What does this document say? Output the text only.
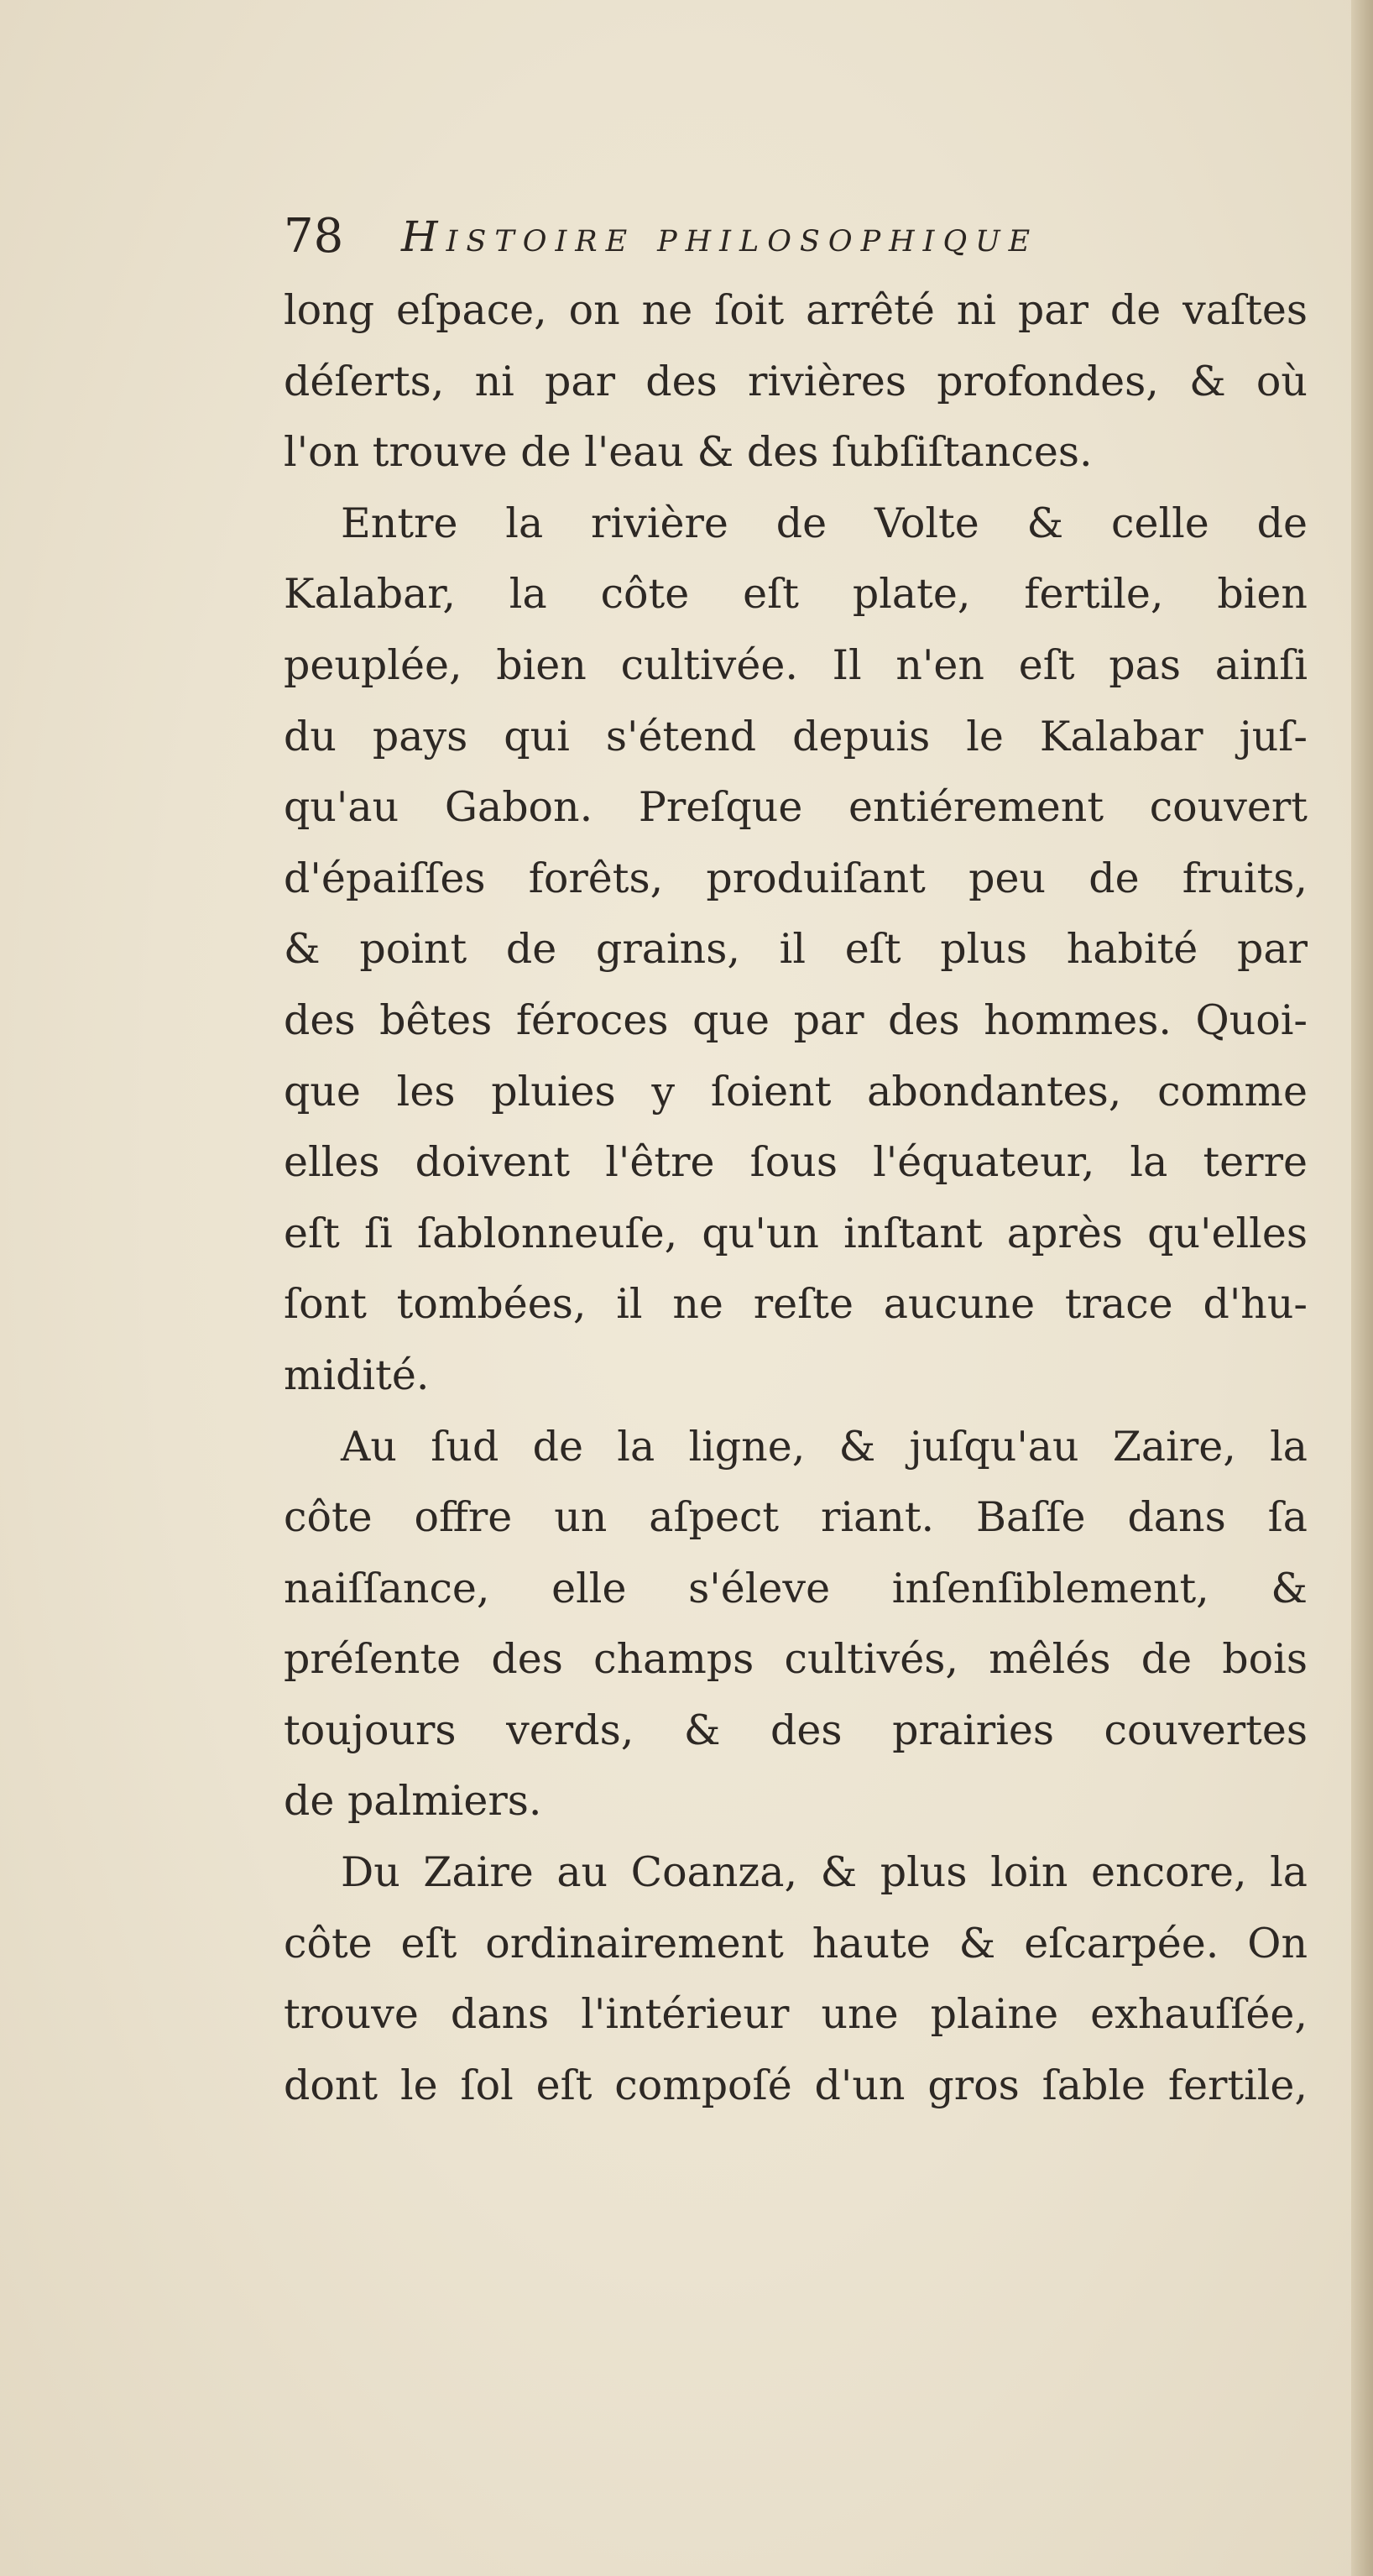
78 Histoire philosophique
long eſpace, on ne ſoit arrêté ni par de vaſtes
déſerts, ni par des rivières profondes, & où
l'on trouve de l'eau & des ſubſiſtances.
Entre la rivière de Volte & celle de
Kalabar, la côte eſt plate, fertile, bien
peuplée, bien cultivée. Il n'en eſt pas ainſi
du pays qui s'étend depuis le Kalabar juſ-
qu'au Gabon. Preſque entiérement couvert
d'épaiſſes forêts, produiſant peu de fruits,
& point de grains, il eſt plus habité par
des bêtes féroces que par des hommes. Quoi-
que les pluies y ſoient abondantes, comme
elles doivent l'être ſous l'équateur, la terre
eſt ſi ſablonneuſe, qu'un inſtant après qu'elles
ſont tombées, il ne reſte aucune trace d'hu-
midité.
Au ſud de la ligne, & juſqu'au Zaire, la
côte offre un aſpect riant. Baſſe dans ſa
naiſſance, elle s'éleve inſenſiblement, &
préſente des champs cultivés, mêlés de bois
toujours verds, & des prairies couvertes
de palmiers.
Du Zaire au Coanza, & plus loin encore, la
côte eſt ordinairement haute & eſcarpée. On
trouve dans l'intérieur une plaine exhauſſée,
dont le ſol eſt compoſé d'un gros ſable fertile,
